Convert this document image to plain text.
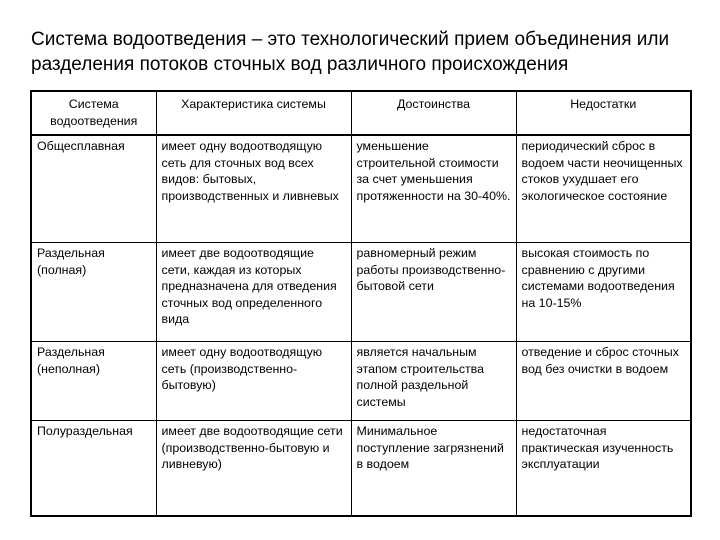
Система водоотведения – это технологический прием объединения или разделения потоков сточных вод различного происхождения
Система водоотведения	Характеристика системы	Достоинства	Недостатки
Общесплавная	имеет одну водоотводящую сеть для сточных вод всех видов: бытовых, производственных и ливневых	уменьшение строительной стоимости за счет уменьшения протяженности на 30-40%.	периодический сброс в водоем части неочищенных стоков ухудшает его экологическое состояние
Раздельная (полная)	имеет две водоотводящие сети, каждая из которых предназначена для отведения сточных вод определенного вида	равномерный режим работы производственно-бытовой сети	высокая стоимость по сравнению с другими системами водоотведения на 10-15%
Раздельная (неполная)	имеет одну водоотводящую сеть (производственно-бытовую)	является начальным этапом строительства полной раздельной системы	отведение и сброс сточных вод без очистки в водоем
Полураздельная	имеет две водоотводящие сети (производственно-бытовую и ливневую)	Минимальное поступление загрязнений в водоем	недостаточная практическая изученность эксплуатации
